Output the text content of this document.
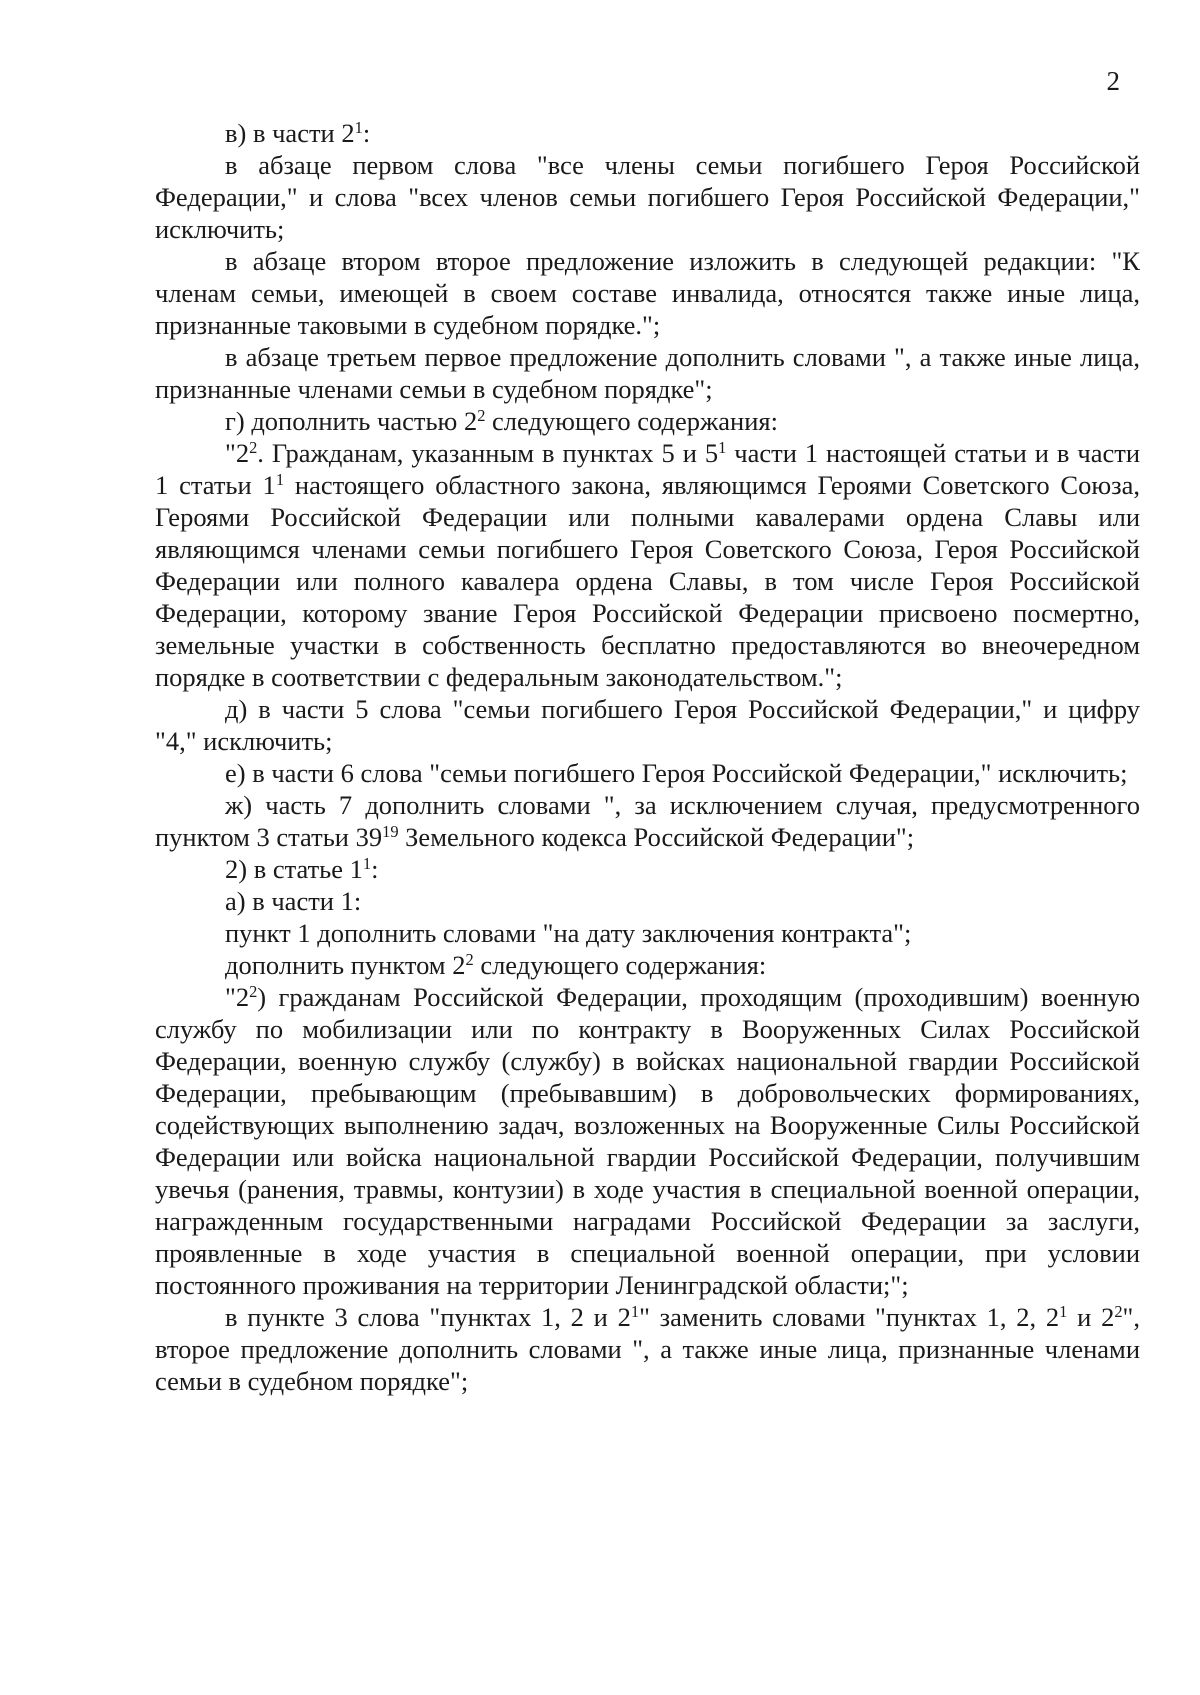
2

в) в части $2^1$:

в абзаце первом слова "все члены семьи погибшего Героя Российской Федерации," и слова "всех членов семьи погибшего Героя Российской Федерации," исключить;

в абзаце втором второе предложение изложить в следующей редакции: "К членам семьи, имеющей в своем составе инвалида, относятся также иные лица, признанные таковыми в судебном порядке.";

в абзаце третьем первое предложение дополнить словами ", а также иные лица, признанные членами семьи в судебном порядке";

г) дополнить частью $2^2$ следующего содержания:

"$2^2$. Гражданам, указанным в пунктах 5 и $5^1$ части 1 настоящей статьи и в части 1 статьи $1^1$ настоящего областного закона, являющимся Героями Советского Союза, Героями Российской Федерации или полными кавалерами ордена Славы или являющимся членами семьи погибшего Героя Советского Союза, Героя Российской Федерации или полного кавалера ордена Славы, в том числе Героя Российской Федерации, которому звание Героя Российской Федерации присвоено посмертно, земельные участки в собственность бесплатно предоставляются во внеочередном порядке в соответствии с федеральным законодательством.";

д) в части 5 слова "семьи погибшего Героя Российской Федерации," и цифру "4," исключить;

е) в части 6 слова "семьи погибшего Героя Российской Федерации," исключить;

ж) часть 7 дополнить словами ", за исключением случая, предусмотренного пунктом 3 статьи $39^{19}$ Земельного кодекса Российской Федерации";

2) в статье $1^1$:

а) в части 1:

пункт 1 дополнить словами "на дату заключения контракта";

дополнить пунктом $2^2$ следующего содержания:

"$2^2$) гражданам Российской Федерации, проходящим (проходившим) военную службу по мобилизации или по контракту в Вооруженных Силах Российской Федерации, военную службу (службу) в войсках национальной гвардии Российской Федерации, пребывающим (пребывавшим) в добровольческих формированиях, содействующих выполнению задач, возложенных на Вооруженные Силы Российской Федерации или войска национальной гвардии Российской Федерации, получившим увечья (ранения, травмы, контузии) в ходе участия в специальной военной операции, награжденным государственными наградами Российской Федерации за заслуги, проявленные в ходе участия в специальной военной операции, при условии постоянного проживания на территории Ленинградской области;";

в пункте 3 слова "пунктах 1, 2 и $2^1$" заменить словами "пунктах 1, 2, $2^1$ и $2^2$", второе предложение дополнить словами ", а также иные лица, признанные членами семьи в судебном порядке";
